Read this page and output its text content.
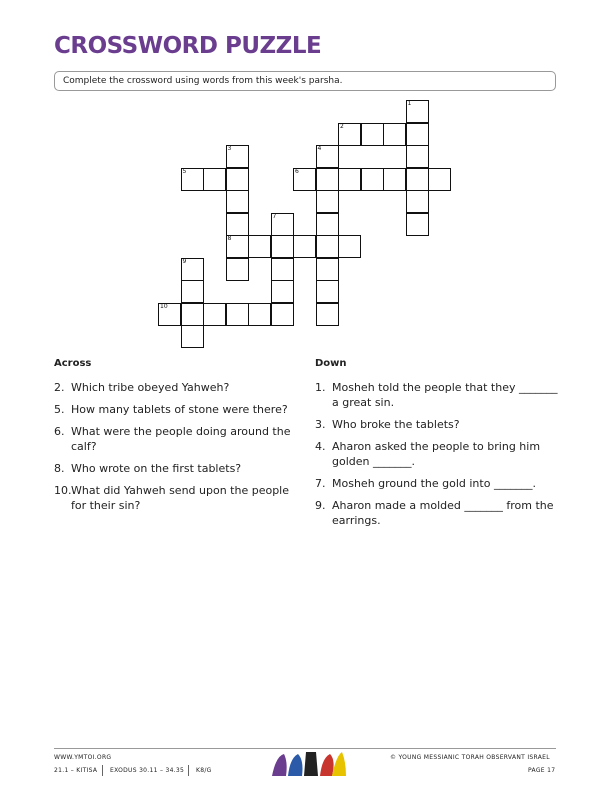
CROSSWORD PUZZLE
Complete the crossword using words from this week's parsha.
2
5	6
8
10
1
3	4
7
9
Across
2. Which tribe obeyed Yahweh?
5. How many tablets of stone were there?
6. What were the people doing around the calf?
8. Who wrote on the first tablets?
10. What did Yahweh send upon the people for their sin?
Down
1. Mosheh told the people that they _______ a great sin.
3. Who broke the tablets?
4. Aharon asked the people to bring him golden _______.
7. Mosheh ground the gold into _______.
9. Aharon made a molded _______ from the earrings.
WWW.YMTOI.ORG
21.1 – KITISA EXODUS 30.11 – 34.35 K8/G
© YOUNG MESSIANIC TORAH OBSERVANT ISRAEL
PAGE 17
